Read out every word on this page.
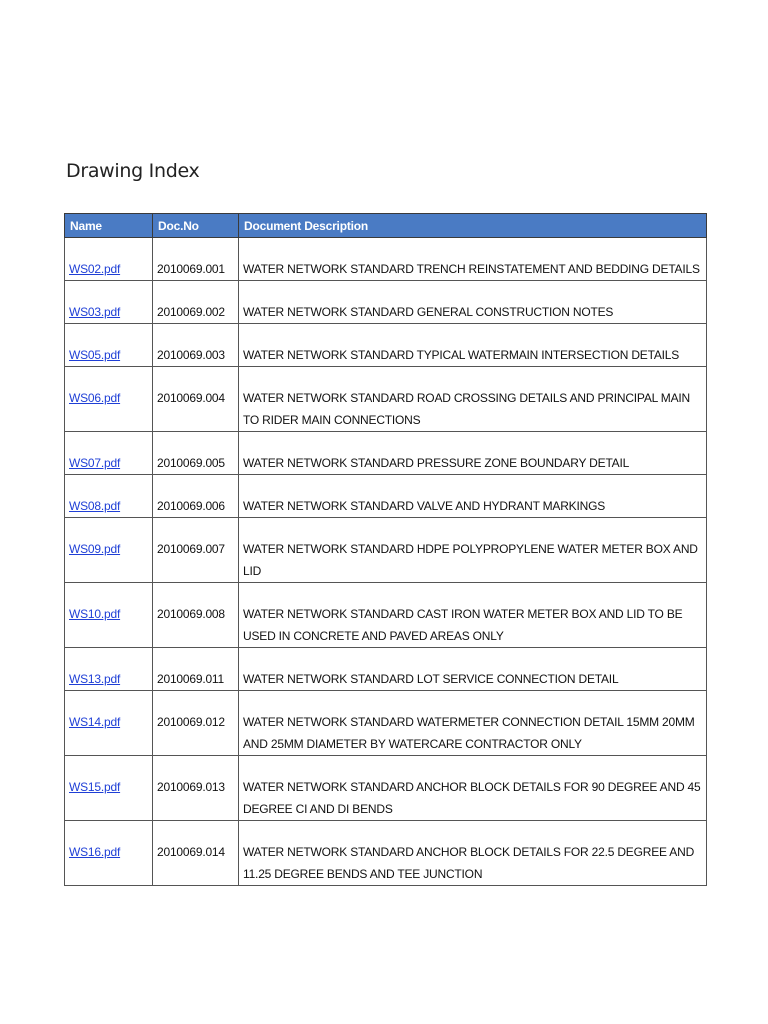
Drawing Index
Name	Doc.No	Document Description

WS02.pdf	2010069.001	WATER NETWORK STANDARD TRENCH REINSTATEMENT AND BEDDING DETAILS

WS03.pdf	2010069.002	WATER NETWORK STANDARD GENERAL CONSTRUCTION NOTES

WS05.pdf	2010069.003	WATER NETWORK STANDARD TYPICAL WATERMAIN INTERSECTION DETAILS

WS06.pdf	2010069.004	WATER NETWORK STANDARD ROAD CROSSING DETAILS AND PRINCIPAL MAIN TO RIDER MAIN CONNECTIONS

WS07.pdf	2010069.005	WATER NETWORK STANDARD PRESSURE ZONE BOUNDARY DETAIL

WS08.pdf	2010069.006	WATER NETWORK STANDARD VALVE AND HYDRANT MARKINGS

WS09.pdf	2010069.007	WATER NETWORK STANDARD HDPE POLYPROPYLENE WATER METER BOX AND LID

WS10.pdf	2010069.008	WATER NETWORK STANDARD CAST IRON WATER METER BOX AND LID TO BE USED IN CONCRETE AND PAVED AREAS ONLY

WS13.pdf	2010069.011	WATER NETWORK STANDARD LOT SERVICE CONNECTION DETAIL

WS14.pdf	2010069.012	WATER NETWORK STANDARD WATERMETER CONNECTION DETAIL 15MM 20MM AND 25MM DIAMETER BY WATERCARE CONTRACTOR ONLY

WS15.pdf	2010069.013	WATER NETWORK STANDARD ANCHOR BLOCK DETAILS FOR 90 DEGREE AND 45 DEGREE CI AND DI BENDS

WS16.pdf	2010069.014	WATER NETWORK STANDARD ANCHOR BLOCK DETAILS FOR 22.5 DEGREE AND 11.25 DEGREE BENDS AND TEE JUNCTION
